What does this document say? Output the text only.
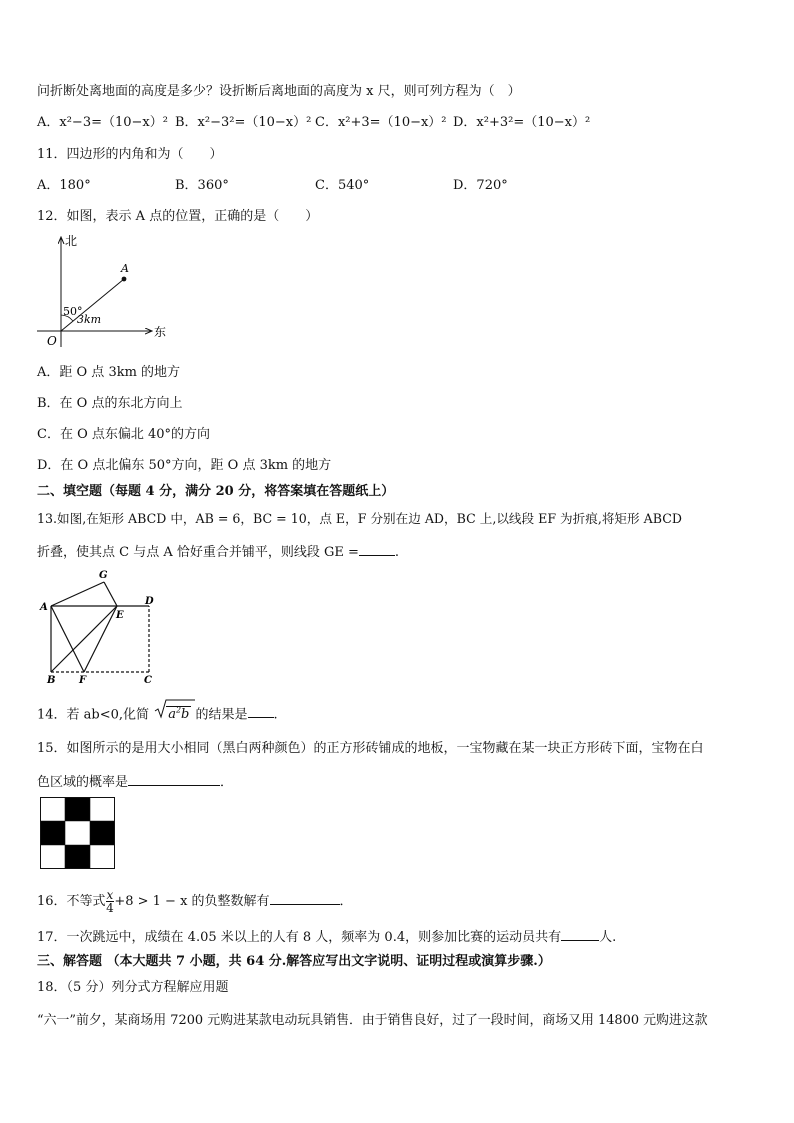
问折断处离地面的高度是多少？设折断后离地面的高度为 x 尺，则可列方程为（　）
A．x²−3=（10−x）² B．x²−3²=（10−x）² C．x²+3=（10−x）² D．x²+3²=（10−x）²
11．四边形的内角和为（　　）
A．180°	B．360°	C．540°	D．720°
12．如图，表示 A 点的位置，正确的是（　　）
北
东
O
A
3km
50°
A．距 O 点 3km 的地方
B．在 O 点的东北方向上
C．在 O 点东偏北 40°的方向
D．在 O 点北偏东 50°方向，距 O 点 3km 的地方
二、填空题（每题 4 分，满分 20 分，将答案填在答题纸上）
13.如图,在矩形 ABCD 中，AB = 6，BC = 10，点 E，F 分别在边 AD，BC 上,以线段 EF 为折痕,将矩形 ABCD
折叠，使其点 C 与点 A 恰好重合并铺平，则线段 GE =	.
A
B	C
D
E
F
G
14．若 ab<0,化简 $a^2b$ 的结果是 .
15．如图所示的是用大小相同（黑白两种颜色）的正方形砖铺成的地板，一宝物藏在某一块正方形砖下面，宝物在白
色区域的概率是	．
16．不等式 $\frac{x}{4} +8 > 1 - x$ 的负整数解有	．
17．一次跳远中，成绩在 4.05 米以上的人有 8 人，频率为 0.4，则参加比赛的运动员共有	人.
三、解答题 （本大题共 7 小题，共 64 分.解答应写出文字说明、证明过程或演算步骤.）
18．（5 分）列分式方程解应用题
“六一”前夕，某商场用 7200 元购进某款电动玩具销售．由于销售良好，过了一段时间，商场又用 14800 元购进这款
